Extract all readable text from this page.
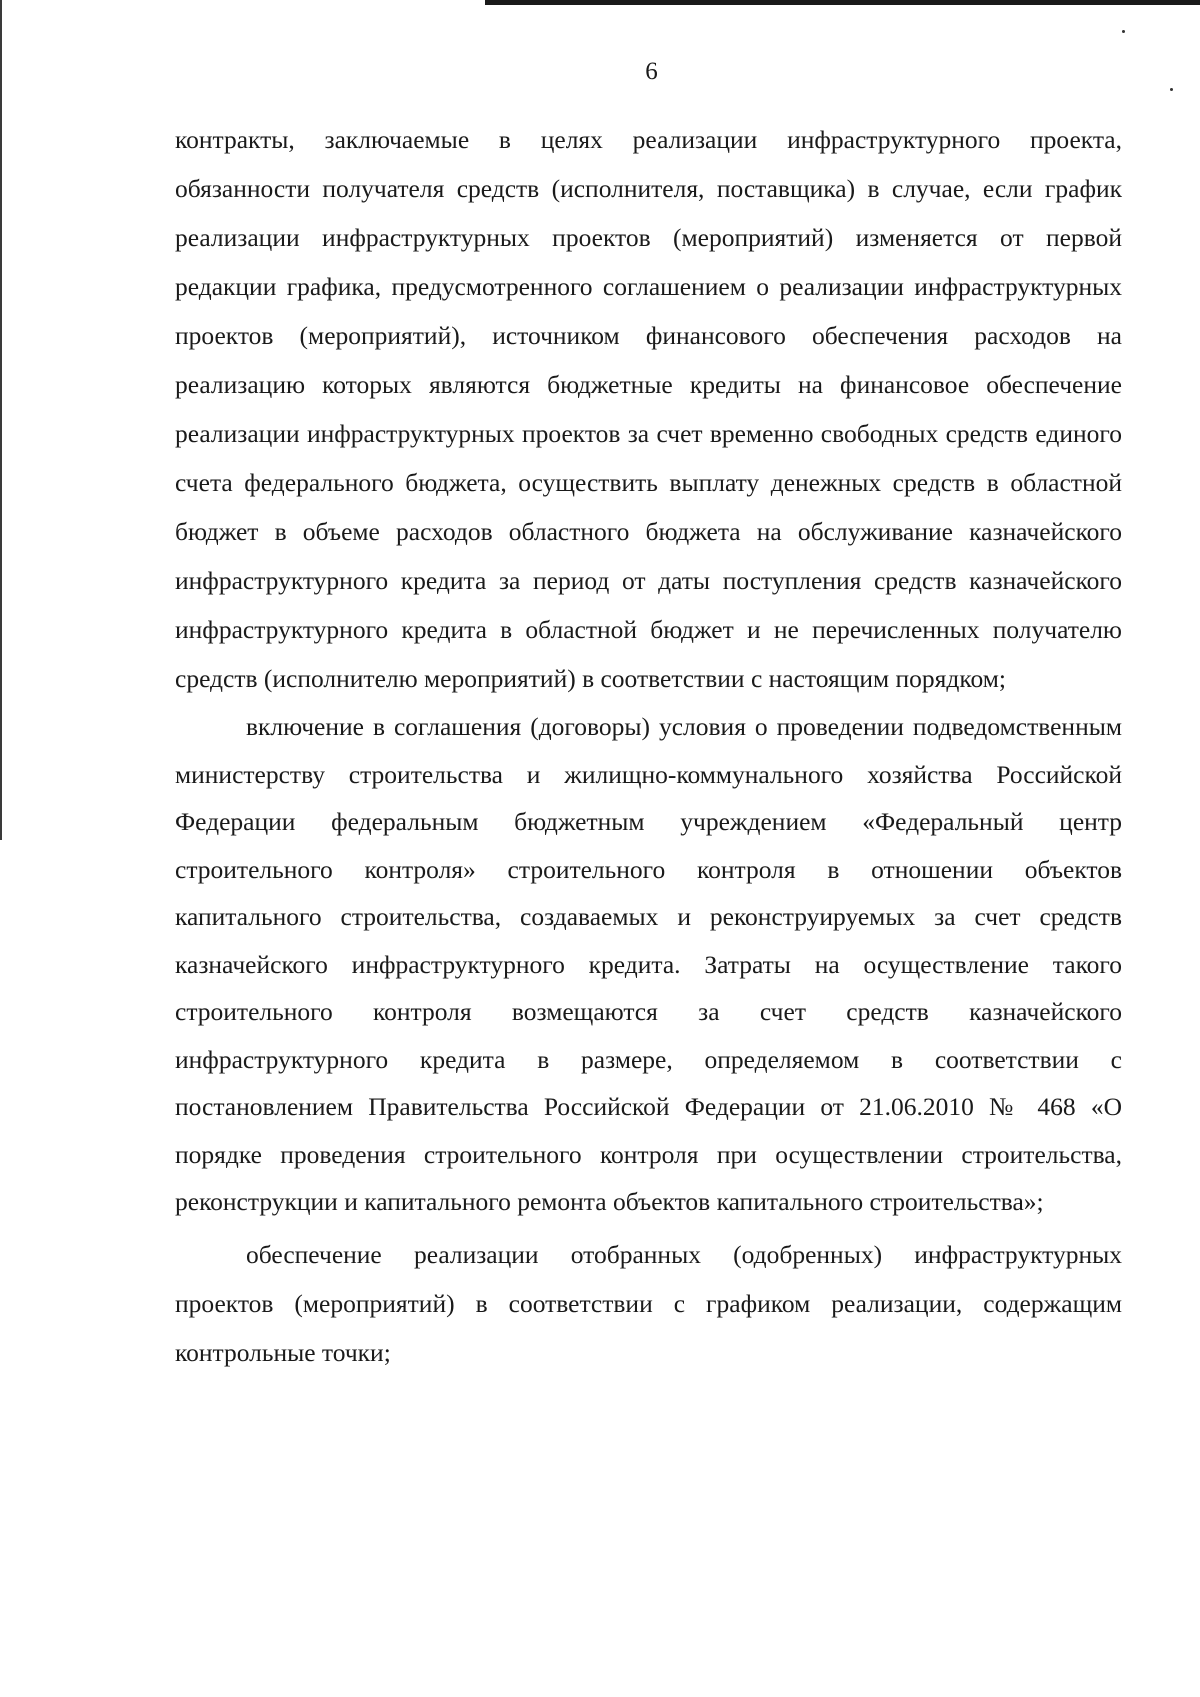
6

контракты, заключаемые в целях реализации инфраструктурного проекта, обязанности получателя средств (исполнителя, поставщика) в случае, если график реализации инфраструктурных проектов (мероприятий) изменяется от первой редакции графика, предусмотренного соглашением о реализации инфраструктурных проектов (мероприятий), источником финансового обеспечения расходов на реализацию которых являются бюджетные кредиты на финансовое обеспечение реализации инфраструктурных проектов за счет временно свободных средств единого счета федерального бюджета, осуществить выплату денежных средств в областной бюджет в объеме расходов областного бюджета на обслуживание казначейского инфраструктурного кредита за период от даты поступления средств казначейского инфраструктурного кредита в областной бюджет и не перечисленных получателю средств (исполнителю мероприятий) в соответствии с настоящим порядком;

включение в соглашения (договоры) условия о проведении подведомственным министерству строительства и жилищно-коммунального хозяйства Российской Федерации федеральным бюджетным учреждением «Федеральный центр строительного контроля» строительного контроля в отношении объектов капитального строительства, создаваемых и реконструируемых за счет средств казначейского инфраструктурного кредита. Затраты на осуществление такого строительного контроля возмещаются за счет средств казначейского инфраструктурного кредита в размере, определяемом в соответствии с постановлением Правительства Российской Федерации от 21.06.2010 № 468 «О порядке проведения строительного контроля при осуществлении строительства, реконструкции и капитального ремонта объектов капитального строительства»;

обеспечение реализации отобранных (одобренных) инфраструктурных проектов (мероприятий) в соответствии с графиком реализации, содержащим контрольные точки;
